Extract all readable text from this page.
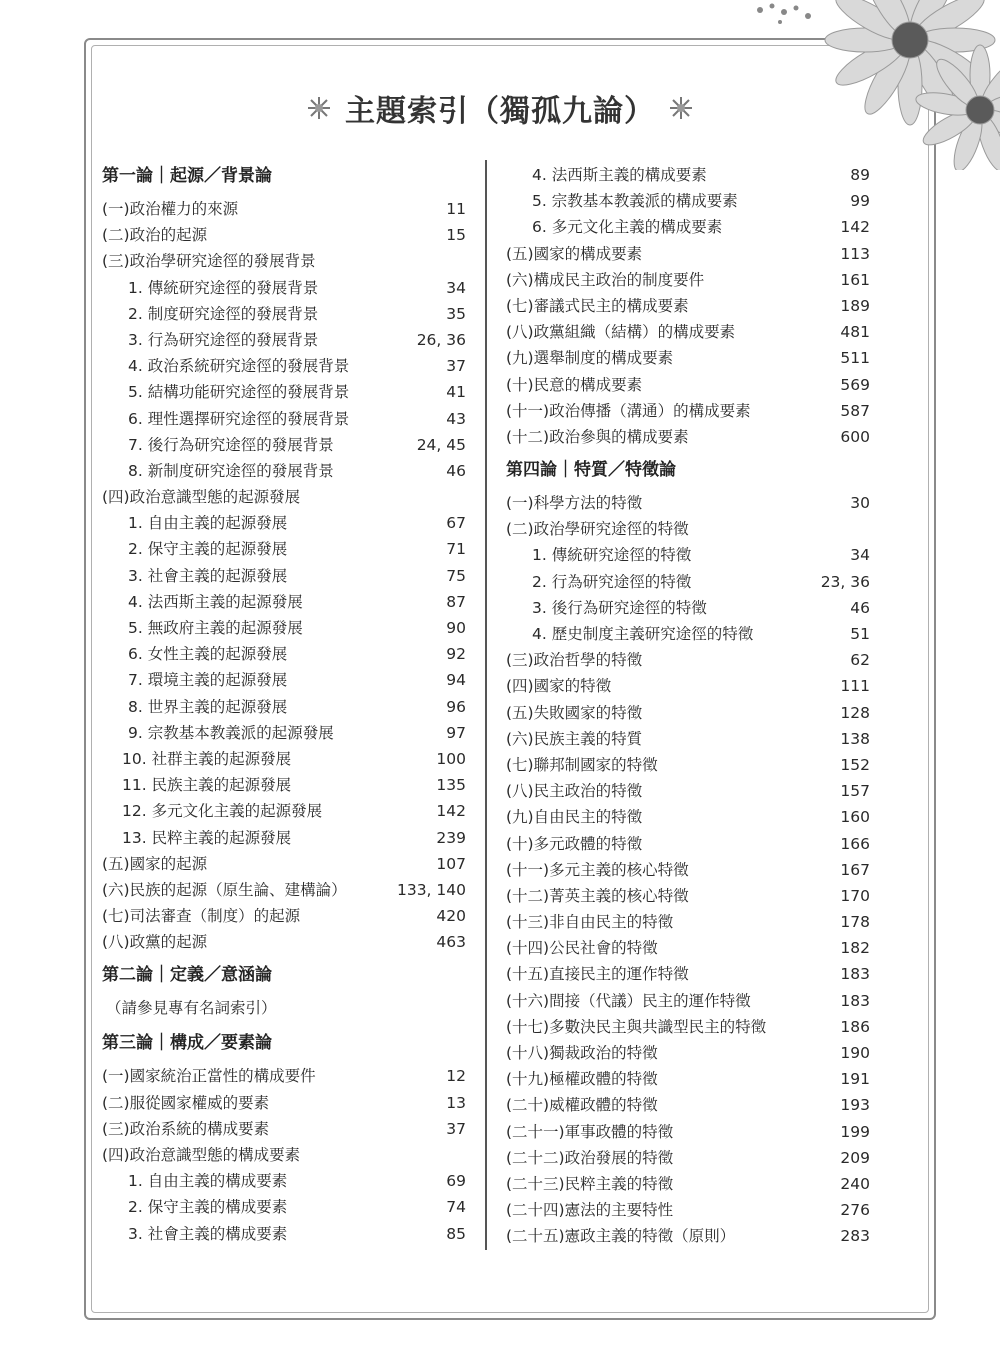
主題索引（獨孤九論）
第一論｜起源／背景論
(一)政治權力的來源	11
(二)政治的起源	15
(三)政治學研究途徑的發展背景
1. 傳統研究途徑的發展背景	34
2. 制度研究途徑的發展背景	35
3. 行為研究途徑的發展背景	26, 36
4. 政治系統研究途徑的發展背景	37
5. 結構功能研究途徑的發展背景	41
6. 理性選擇研究途徑的發展背景	43
7. 後行為研究途徑的發展背景	24, 45
8. 新制度研究途徑的發展背景	46
(四)政治意識型態的起源發展
1. 自由主義的起源發展	67
2. 保守主義的起源發展	71
3. 社會主義的起源發展	75
4. 法西斯主義的起源發展	87
5. 無政府主義的起源發展	90
6. 女性主義的起源發展	92
7. 環境主義的起源發展	94
8. 世界主義的起源發展	96
9. 宗教基本教義派的起源發展	97
10. 社群主義的起源發展	100
11. 民族主義的起源發展	135
12. 多元文化主義的起源發展	142
13. 民粹主義的起源發展	239
(五)國家的起源	107
(六)民族的起源（原生論、建構論）	133, 140
(七)司法審查（制度）的起源	420
(八)政黨的起源	463
第二論｜定義／意涵論
（請參見專有名詞索引）
第三論｜構成／要素論
(一)國家統治正當性的構成要件	12
(二)服從國家權威的要素	13
(三)政治系統的構成要素	37
(四)政治意識型態的構成要素
1. 自由主義的構成要素	69
2. 保守主義的構成要素	74
3. 社會主義的構成要素	85
4. 法西斯主義的構成要素	89
5. 宗教基本教義派的構成要素	99
6. 多元文化主義的構成要素	142
(五)國家的構成要素	113
(六)構成民主政治的制度要件	161
(七)審議式民主的構成要素	189
(八)政黨組織（結構）的構成要素	481
(九)選舉制度的構成要素	511
(十)民意的構成要素	569
(十一)政治傳播（溝通）的構成要素	587
(十二)政治參與的構成要素	600
第四論｜特質／特徵論
(一)科學方法的特徵	30
(二)政治學研究途徑的特徵
1. 傳統研究途徑的特徵	34
2. 行為研究途徑的特徵	23, 36
3. 後行為研究途徑的特徵	46
4. 歷史制度主義研究途徑的特徵	51
(三)政治哲學的特徵	62
(四)國家的特徵	111
(五)失敗國家的特徵	128
(六)民族主義的特質	138
(七)聯邦制國家的特徵	152
(八)民主政治的特徵	157
(九)自由民主的特徵	160
(十)多元政體的特徵	166
(十一)多元主義的核心特徵	167
(十二)菁英主義的核心特徵	170
(十三)非自由民主的特徵	178
(十四)公民社會的特徵	182
(十五)直接民主的運作特徵	183
(十六)間接（代議）民主的運作特徵	183
(十七)多數決民主與共識型民主的特徵	186
(十八)獨裁政治的特徵	190
(十九)極權政體的特徵	191
(二十)威權政體的特徵	193
(二十一)軍事政體的特徵	199
(二十二)政治發展的特徵	209
(二十三)民粹主義的特徵	240
(二十四)憲法的主要特性	276
(二十五)憲政主義的特徵（原則）	283
